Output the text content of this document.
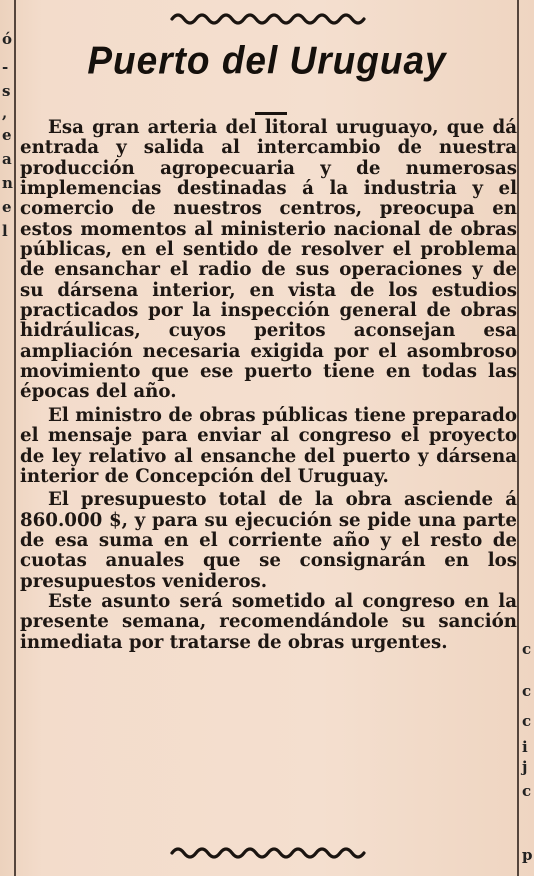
ó
-
s
,
e
a
n
e
l
Puerto del Uruguay

Esa gran arteria del litoral uruguayo, que dá entrada y salida al intercambio de nuestra producción agropecuaria y de numerosas implemencias destinadas á la industria y el comercio de nuestros centros, preocupa en estos momentos al ministerio nacional de obras públicas, en el sentido de resolver el problema de ensanchar el radio de sus operaciones y de su dársena interior, en vista de los estudios practicados por la inspección general de obras hidráulicas, cuyos peritos aconsejan esa ampliación necesaria exigida por el asombroso movimiento que ese puerto tiene en todas las épocas del año.

El ministro de obras públicas tiene preparado el mensaje para enviar al congreso el proyecto de ley relativo al ensanche del puerto y dársena interior de Concepción del Uruguay.

El presupuesto total de la obra asciende á 860.000 $, y para su ejecución se pide una parte de esa suma en el corriente año y el resto de cuotas anuales que se consignarán en los presupuestos venideros.

Este asunto será sometido al congreso en la presente semana, recomendándole su sanción inmediata por tratarse de obras urgentes.	c
c
c
i
j
c
p
